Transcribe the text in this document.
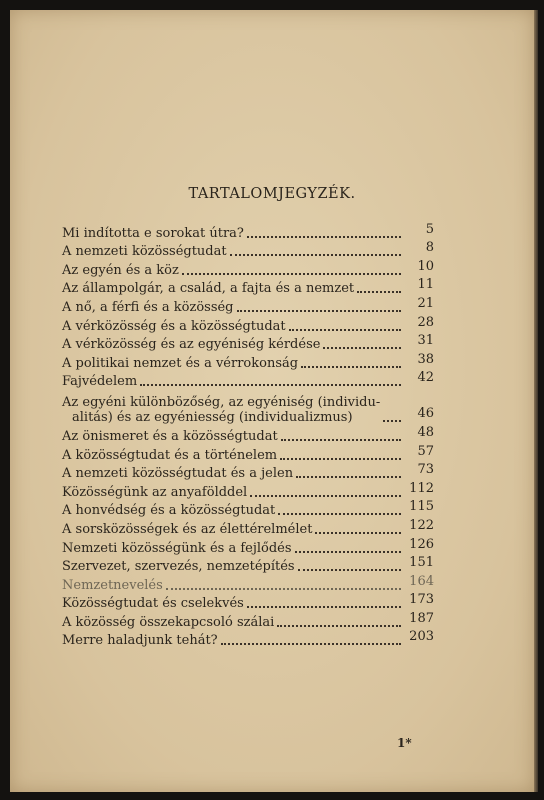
TARTALOMJEGYZÉK.
Mi indította e sorokat útra?	5
A nemzeti közösségtudat	8
Az egyén és a köz	10
Az állampolgár, a család, a fajta és a nemzet	11
A nő, a férfi és a közösség	21
A vérközösség és a közösségtudat	28
A vérközösség és az egyéniség kérdése	31
A politikai nemzet és a vérrokonság	38
Fajvédelem	42
Az egyéni különbözőség, az egyéniség (individu-
alitás) és az egyéniesség (individualizmus)	46
Az önismeret és a közösségtudat	48
A közösségtudat és a történelem	57
A nemzeti közösségtudat és a jelen	73
Közösségünk az anyafölddel	112
A honvédség és a közösségtudat	115
A sorsközösségek és az élettérelmélet	122
Nemzeti közösségünk és a fejlődés	126
Szervezet, szervezés, nemzetépítés	151
Nemzetnevelés	164
Közösségtudat és cselekvés	173
A közösség összekapcsoló szálai	187
Merre haladjunk tehát?	203
1*
